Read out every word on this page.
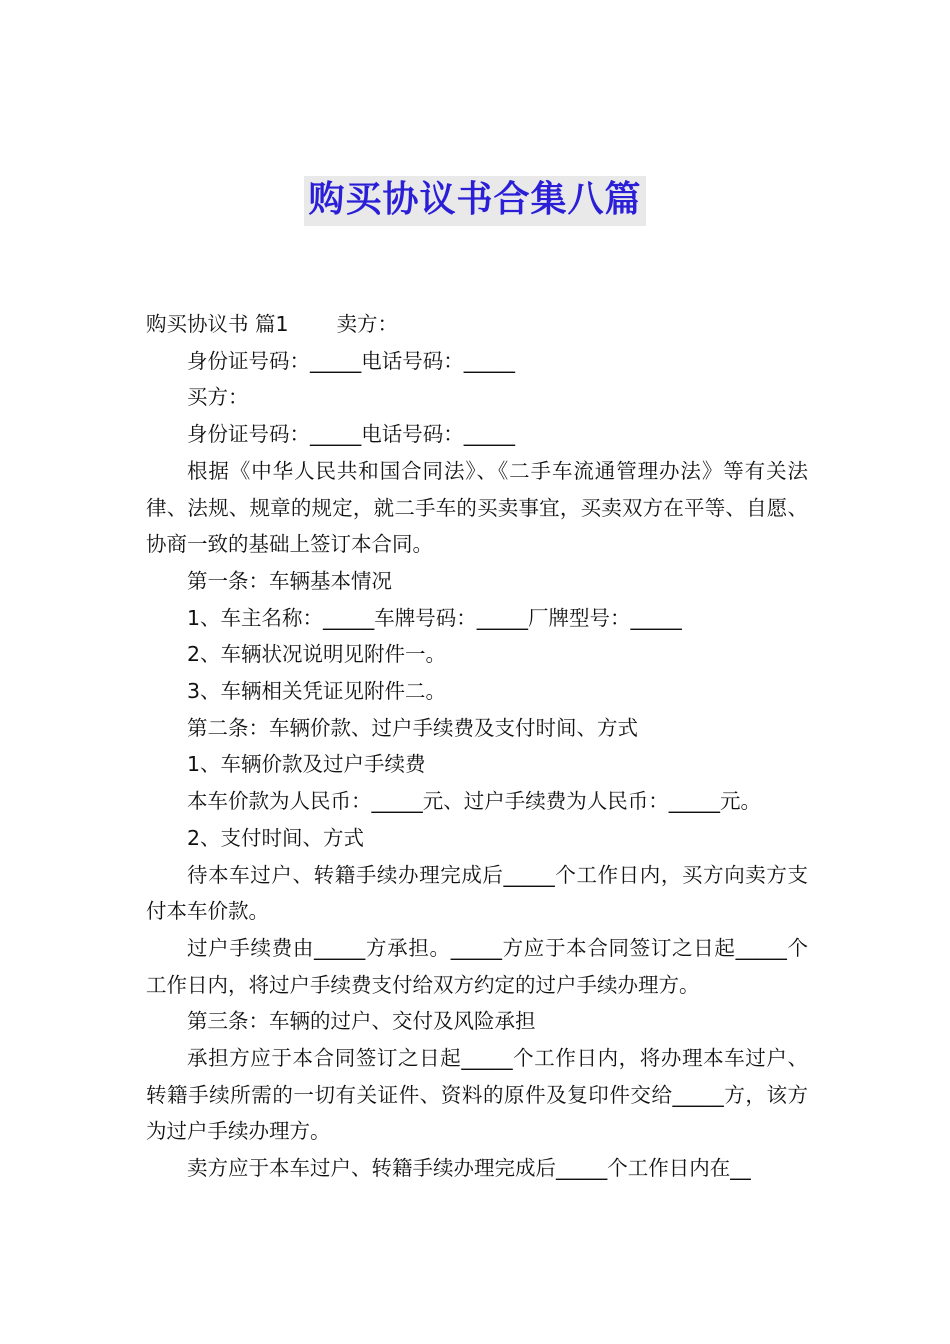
购买协议书合集八篇

购买协议书 篇1 卖方：

身份证号码：_____电话号码：_____

买方：

身份证号码：_____电话号码：_____

根据《中华人民共和国合同法》、《二手车流通管理办法》等有关法律、法规、规章的规定，就二手车的买卖事宜，买卖双方在平等、自愿、协商一致的基础上签订本合同。

第一条：车辆基本情况

1、车主名称：_____车牌号码：_____厂牌型号：_____

2、车辆状况说明见附件一。

3、车辆相关凭证见附件二。

第二条：车辆价款、过户手续费及支付时间、方式

1、车辆价款及过户手续费

本车价款为人民币：_____元、过户手续费为人民币：_____元。

2、支付时间、方式

待本车过户、转籍手续办理完成后_____个工作日内，买方向卖方支付本车价款。

过户手续费由_____方承担。_____方应于本合同签订之日起_____个工作日内，将过户手续费支付给双方约定的过户手续办理方。

第三条：车辆的过户、交付及风险承担

承担方应于本合同签订之日起_____个工作日内，将办理本车过户、转籍手续所需的一切有关证件、资料的原件及复印件交给_____方，该方为过户手续办理方。

卖方应于本车过户、转籍手续办理完成后_____个工作日内在__
